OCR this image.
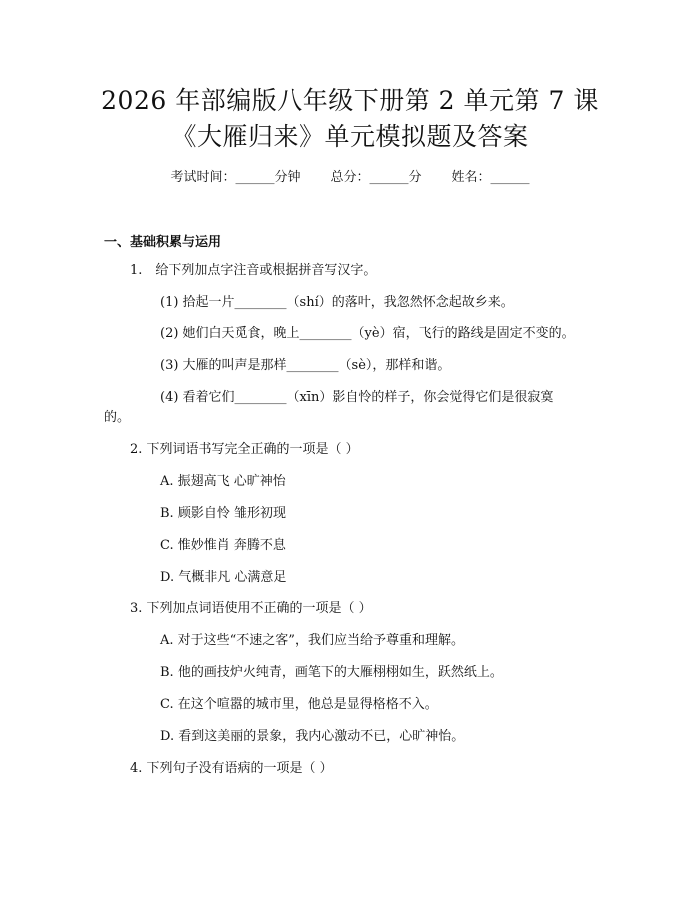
2026 年部编版八年级下册第 2 单元第 7 课
《大雁归来》单元模拟题及答案
考试时间：______分钟 总分：______分 姓名：______
一、基础积累与运用
1.　给下列加点字注音或根据拼音写汉字。
(1) 拾起一片________（shí）的落叶，我忽然怀念起故乡来。
(2) 她们白天觅食，晚上________（yè）宿，飞行的路线是固定不变的。
(3) 大雁的叫声是那样________（sè），那样和谐。
(4) 看着它们________（xīn）影自怜的样子，你会觉得它们是很寂寞
的。
2. 下列词语书写完全正确的一项是（ ）
A. 振翅高飞 心旷神怡
B. 顾影自怜 雏形初现
C. 惟妙惟肖 奔腾不息
D. 气概非凡 心满意足
3. 下列加点词语使用不正确的一项是（ ）
A. 对于这些“不速之客”，我们应当给予尊重和理解。
B. 他的画技炉火纯青，画笔下的大雁栩栩如生，跃然纸上。
C. 在这个喧嚣的城市里，他总是显得格格不入。
D. 看到这美丽的景象，我内心激动不已，心旷神怡。
4. 下列句子没有语病的一项是（ ）
